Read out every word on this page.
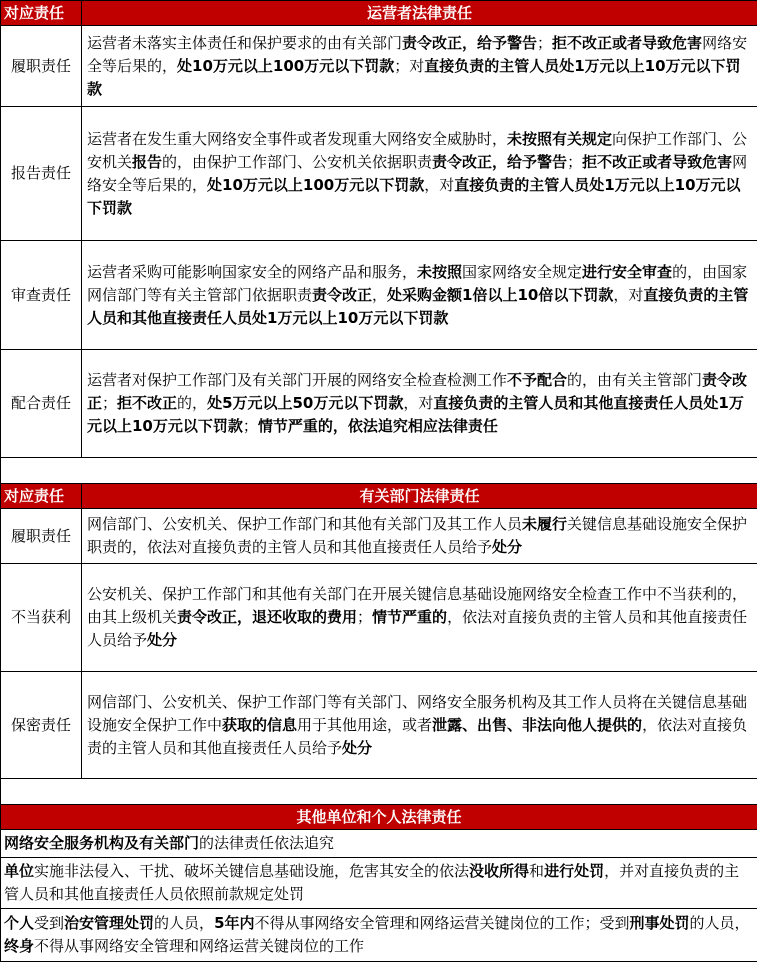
对应责任	运营者法律责任
履职责任	运营者未落实主体责任和保护要求的由有关部门责令改正，给予警告；拒不改正或者导致危害网络安全等后果的，处10万元以上100万元以下罚款；对直接负责的主管人员处1万元以上10万元以下罚款
报告责任	运营者在发生重大网络安全事件或者发现重大网络安全威胁时，未按照有关规定向保护工作部门、公安机关报告的，由保护工作部门、公安机关依据职责责令改正，给予警告；拒不改正或者导致危害网络安全等后果的，处10万元以上100万元以下罚款，对直接负责的主管人员处1万元以上10万元以下罚款
审查责任	运营者采购可能影响国家安全的网络产品和服务，未按照国家网络安全规定进行安全审查的，由国家网信部门等有关主管部门依据职责责令改正，处采购金额1倍以上10倍以下罚款，对直接负责的主管人员和其他直接责任人员处1万元以上10万元以下罚款
配合责任	运营者对保护工作部门及有关部门开展的网络安全检查检测工作不予配合的，由有关主管部门责令改正；拒不改正的，处5万元以上50万元以下罚款，对直接负责的主管人员和其他直接责任人员处1万元以上10万元以下罚款；情节严重的，依法追究相应法律责任

对应责任	有关部门法律责任
履职责任	网信部门、公安机关、保护工作部门和其他有关部门及其工作人员未履行关键信息基础设施安全保护职责的，依法对直接负责的主管人员和其他直接责任人员给予处分
不当获利	公安机关、保护工作部门和其他有关部门在开展关键信息基础设施网络安全检查工作中不当获利的，由其上级机关责令改正，退还收取的费用；情节严重的，依法对直接负责的主管人员和其他直接责任人员给予处分
保密责任	网信部门、公安机关、保护工作部门等有关部门、网络安全服务机构及其工作人员将在关键信息基础设施安全保护工作中获取的信息用于其他用途，或者泄露、出售、非法向他人提供的，依法对直接负责的主管人员和其他直接责任人员给予处分

其他单位和个人法律责任	
网络安全服务机构及有关部门的法律责任依法追究	
单位实施非法侵入、干扰、破坏关键信息基础设施，危害其安全的依法没收所得和进行处罚，并对直接负责的主管人员和其他直接责任人员依照前款规定处罚	
个人受到治安管理处罚的人员，5年内不得从事网络安全管理和网络运营关键岗位的工作；受到刑事处罚的人员，终身不得从事网络安全管理和网络运营关键岗位的工作	
